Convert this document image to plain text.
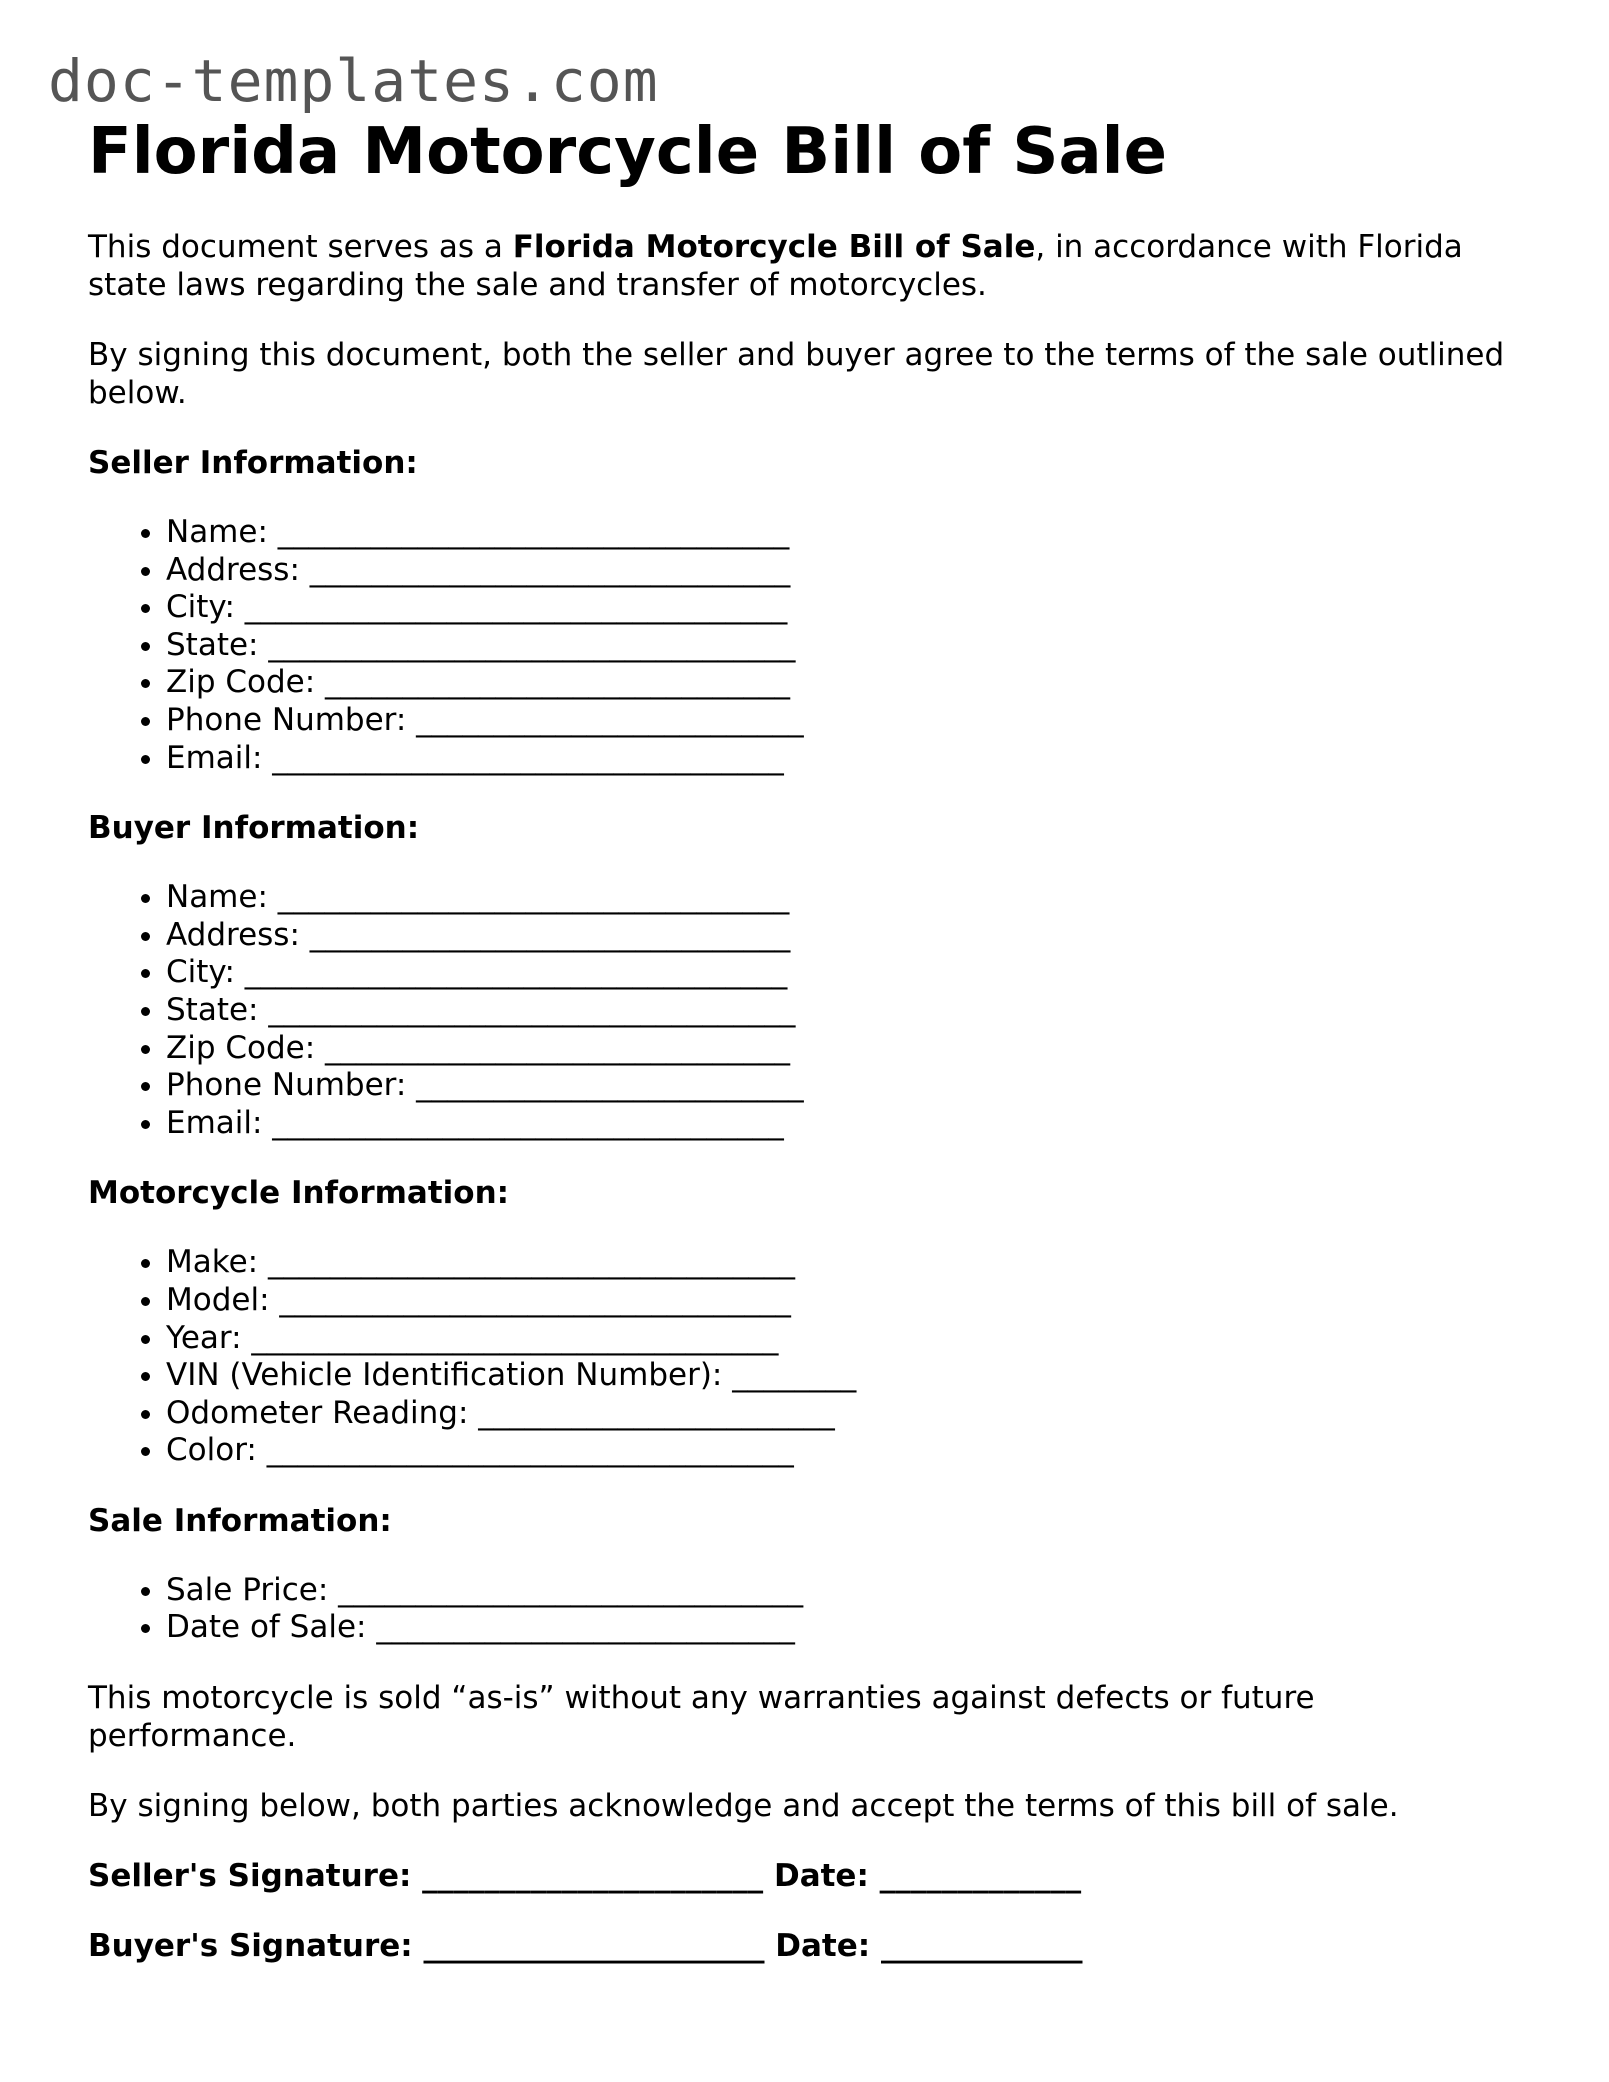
doc-templates.com
Florida Motorcycle Bill of Sale

This document serves as a Florida Motorcycle Bill of Sale, in accordance with Florida state laws regarding the sale and transfer of motorcycles.

By signing this document, both the seller and buyer agree to the terms of the sale outlined below.

Seller Information:
• Name: _________________________________
• Address: _______________________________
• City: ___________________________________
• State: __________________________________
• Zip Code: ______________________________
• Phone Number: _________________________
• Email: _________________________________
Buyer Information:
• Name: _________________________________
• Address: _______________________________
• City: ___________________________________
• State: __________________________________
• Zip Code: ______________________________
• Phone Number: _________________________
• Email: _________________________________
Motorcycle Information:
• Make: __________________________________
• Model: _________________________________
• Year: __________________________________
• VIN (Vehicle Identification Number): ________
• Odometer Reading: _______________________
• Color: __________________________________
Sale Information:
• Sale Price: ______________________________
• Date of Sale: ___________________________

This motorcycle is sold “as-is” without any warranties against defects or future performance.

By signing below, both parties acknowledge and accept the terms of this bill of sale.

Seller's Signature: ______________________ Date: _____________
Buyer's Signature: ______________________ Date: _____________
